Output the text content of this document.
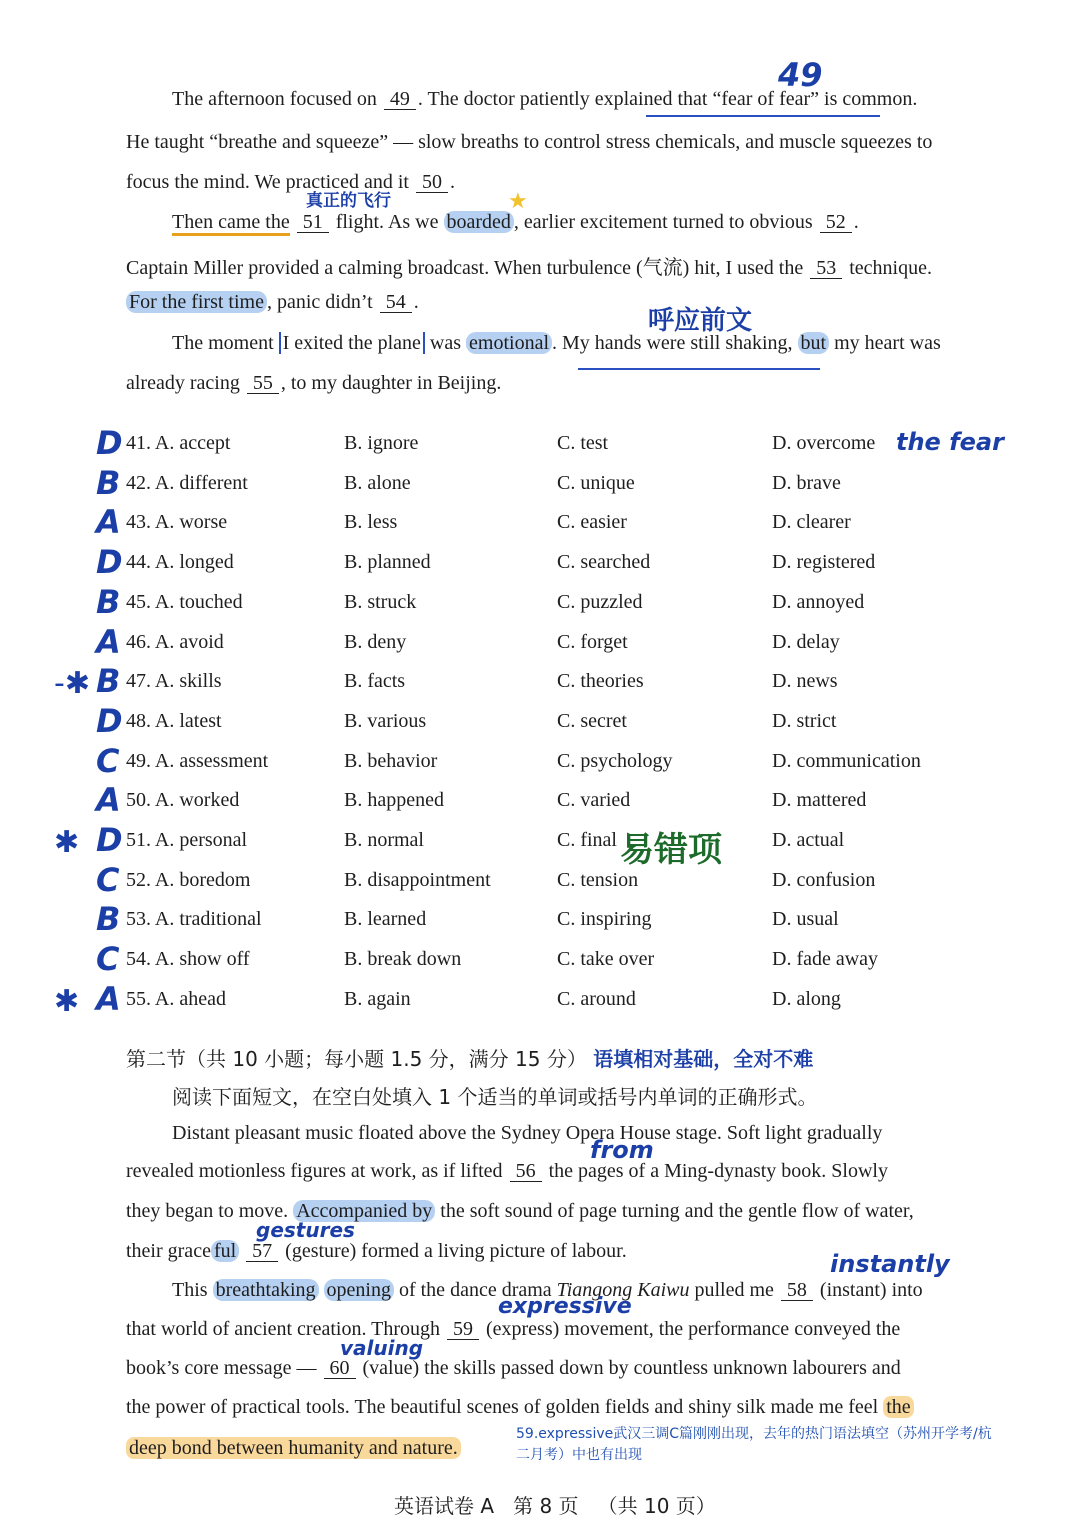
The afternoon focused on 49 . The doctor patiently explained that “fear of fear” is common.
49
He taught “breathe and squeeze” — slow breaths to control stress chemicals, and muscle squeezes to
focus the mind. We practiced and it 50 .
真正的飞行	★
Then came the 51 flight. As we boarded , earlier excitement turned to obvious 52 .
Captain Miller provided a calming broadcast. When turbulence (气流) hit, I used the 53 technique.
For the first time , panic didn’t 54 .
呼应前文
The moment I exited the plane was emotional . My hands were still shaking, but my heart was
already racing 55 , to my daughter in Beijing.
D 41. A. accept	B. ignore	C. test	D. overcome
B 42. A. different	B. alone	C. unique	D. brave
A 43. A. worse	B. less	C. easier	D. clearer
D 44. A. longed	B. planned	C. searched	D. registered
B 45. A. touched	B. struck	C. puzzled	D. annoyed
A 46. A. avoid	B. deny	C. forget	D. delay
-✱ B 47. A. skills	B. facts	C. theories	D. news
D 48. A. latest	B. various	C. secret	D. strict
C 49. A. assessment	B. behavior	C. psychology	D. communication
A 50. A. worked	B. happened	C. varied	D. mattered
✱ D 51. A. personal	B. normal	C. final	D. actual
C 52. A. boredom	B. disappointment	C. tension	D. confusion
B 53. A. traditional	B. learned	C. inspiring	D. usual
C 54. A. show off	B. break down	C. take over	D. fade away
✱ A 55. A. ahead	B. again	C. around	D. along
the fear
易错项
第二节（共 10 小题；每小题 1.5 分，满分 15 分） 语填相对基础，全对不难
阅读下面短文，在空白处填入 1 个适当的单词或括号内单词的正确形式。
Distant pleasant music floated above the Sydney Opera House stage. Soft light gradually
revealed motionless figures at work, as if lifted 56 the pages of a Ming-dynasty book. Slowly
from
they began to move. Accompanied by the soft sound of page turning and the gentle flow of water,
gestures
their grace ful 57 (gesture) formed a living picture of labour.	instantly
This breathtaking opening of the dance drama Tiangong Kaiwu pulled me 58 (instant) into
expressive
that world of ancient creation. Through 59 (express) movement, the performance conveyed the
valuing
book’s core message — 60 (value) the skills passed down by countless unknown labourers and
the power of practical tools. The beautiful scenes of golden fields and shiny silk made me feel the
deep bond between humanity and nature.
59.expressive武汉三调C篇刚刚出现，去年的热门语法填空（苏州开学考/杭二月考）中也有出现
英语试卷 A   第 8 页   （共 10 页）
